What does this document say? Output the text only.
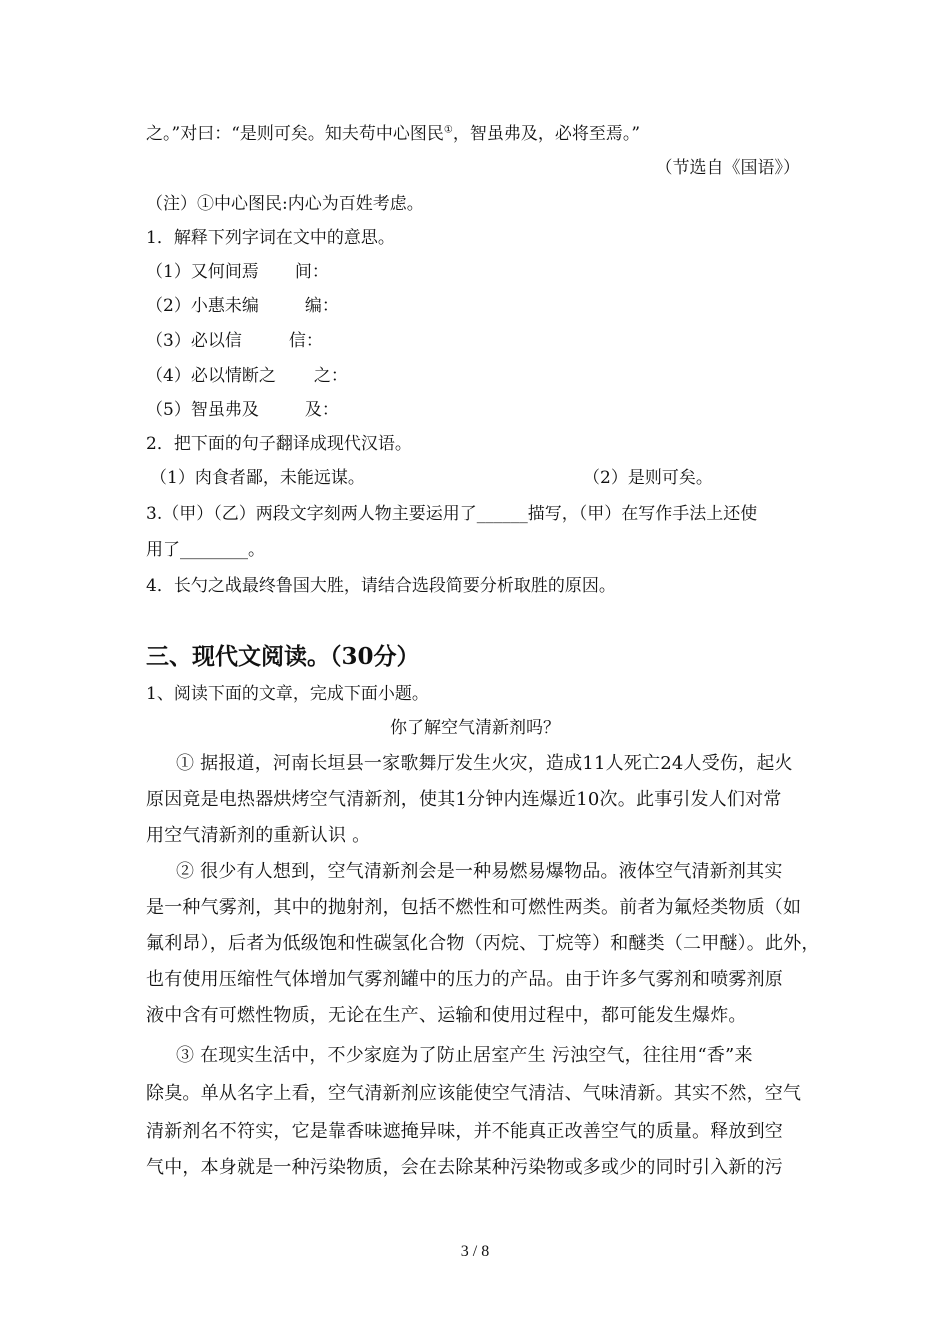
之。”对曰：“是则可矣。知夫苟中心图民①，智虽弗及，必将至焉。”
（节选自《国语》）
（注）①中心图民:内心为百姓考虑。
1．解释下列字词在文中的意思。
（1）又何间焉 间：
（2）小惠未编	编：
（3）必以信	信：
（4）必以情断之 之：
（5）智虽弗及	及：
2．把下面的句子翻译成现代汉语。
（1）肉食者鄙，未能远谋。	（2）是则可矣。
3.（甲）（乙）两段文字刻两人物主要运用了______描写，（甲）在写作手法上还使
用了________。
4．长勺之战最终鲁国大胜，请结合选段简要分析取胜的原因。
三、现代文阅读。（30分）
1、阅读下面的文章，完成下面小题。
你了解空气清新剂吗？
① 据报道，河南长垣县一家歌舞厅发生火灾，造成11人死亡24人受伤，起火
原因竟是电热器烘烤空气清新剂，使其1分钟内连爆近10次。此事引发人们对常
用空气清新剂的重新认识 。
② 很少有人想到，空气清新剂会是一种易燃易爆物品。液体空气清新剂其实
是一种气雾剂，其中的抛射剂，包括不燃性和可燃性两类。前者为氟烃类物质（如
氟利昂），后者为低级饱和性碳氢化合物（丙烷、丁烷等）和醚类（二甲醚）。此外，
也有使用压缩性气体增加气雾剂罐中的压力的产品。由于许多气雾剂和喷雾剂原
液中含有可燃性物质，无论在生产、运输和使用过程中，都可能发生爆炸。
③ 在现实生活中，不少家庭为了防止居室产生 污浊空气，往往用“香”来
除臭。单从名字上看，空气清新剂应该能使空气清洁、气味清新。其实不然，空气
清新剂名不符实，它是靠香味遮掩异味，并不能真正改善空气的质量。释放到空
气中，本身就是一种污染物质，会在去除某种污染物或多或少的同时引入新的污
3 / 8
